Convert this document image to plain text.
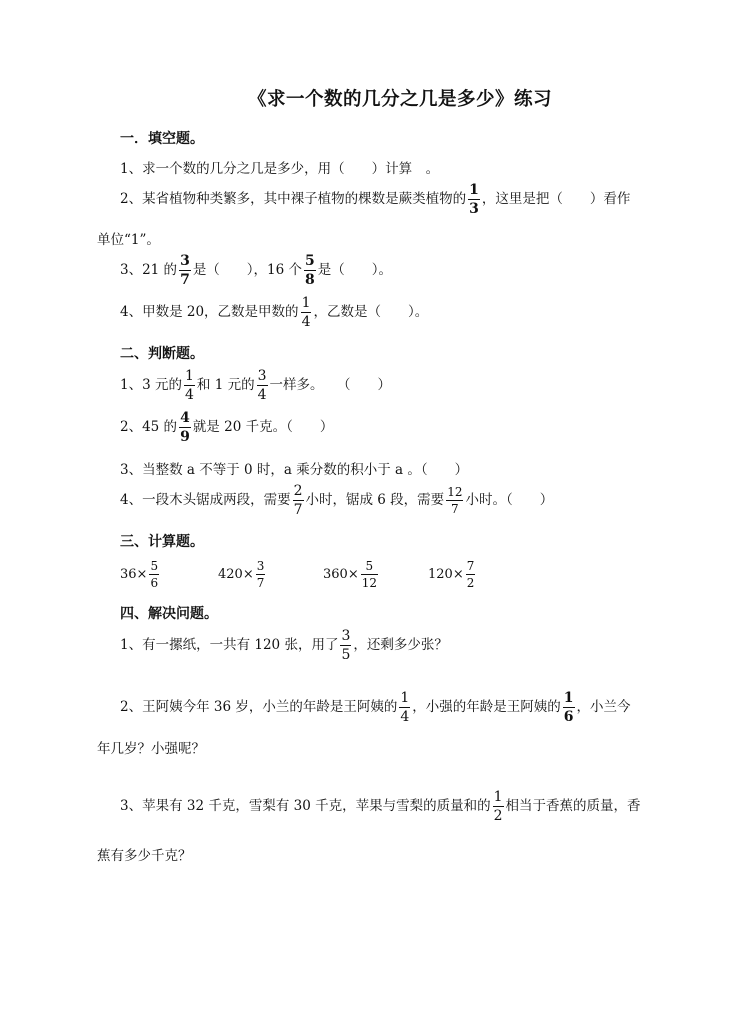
《求一个数的几分之几是多少》练习
一．填空题。
1、求一个数的几分之几是多少，用（　　）计算　。
2、某省植物种类繁多，其中裸子植物的棵数是蕨类植物的 $\frac{1}{3}$ ，这里是把（　　）看作
单位“1”。
3、21 的 $\frac{3}{7}$ 是（　　），16 个 $\frac{5}{8}$ 是（　　）。
4、甲数是 20，乙数是甲数的 $\frac{1}{4}$ ，乙数是（　　）。
二、判断题。
1、3 元的 $\frac{1}{4}$ 和 1 元的 $\frac{3}{4}$ 一样多。　　（　　）
2、45 的 $\frac{4}{9}$ 就是 20 千克。（　　）
3、当整数 a 不等于 0 时，a 乘分数的积小于 a 。（　　）
4、一段木头锯成两段，需要 $\frac{2}{7}$ 小时，锯成 6 段，需要 $\frac{12}{7}$ 小时。（　　）
三、计算题。
$36\times \frac{5}{6}$	$420\times \frac{3}{7}$	$360\times \frac{5}{12}$	$120\times \frac{7}{2}$
四、解决问题。
1、有一摞纸，一共有 120 张，用了 $\frac{3}{5}$ ，还剩多少张？
2、王阿姨今年 36 岁，小兰的年龄是王阿姨的 $\frac{1}{4}$ ，小强的年龄是王阿姨的 $\frac{1}{6}$ ，小兰今
年几岁？小强呢？
3、苹果有 32 千克，雪梨有 30 千克，苹果与雪梨的质量和的 $\frac{1}{2}$ 相当于香蕉的质量，香
蕉有多少千克？
